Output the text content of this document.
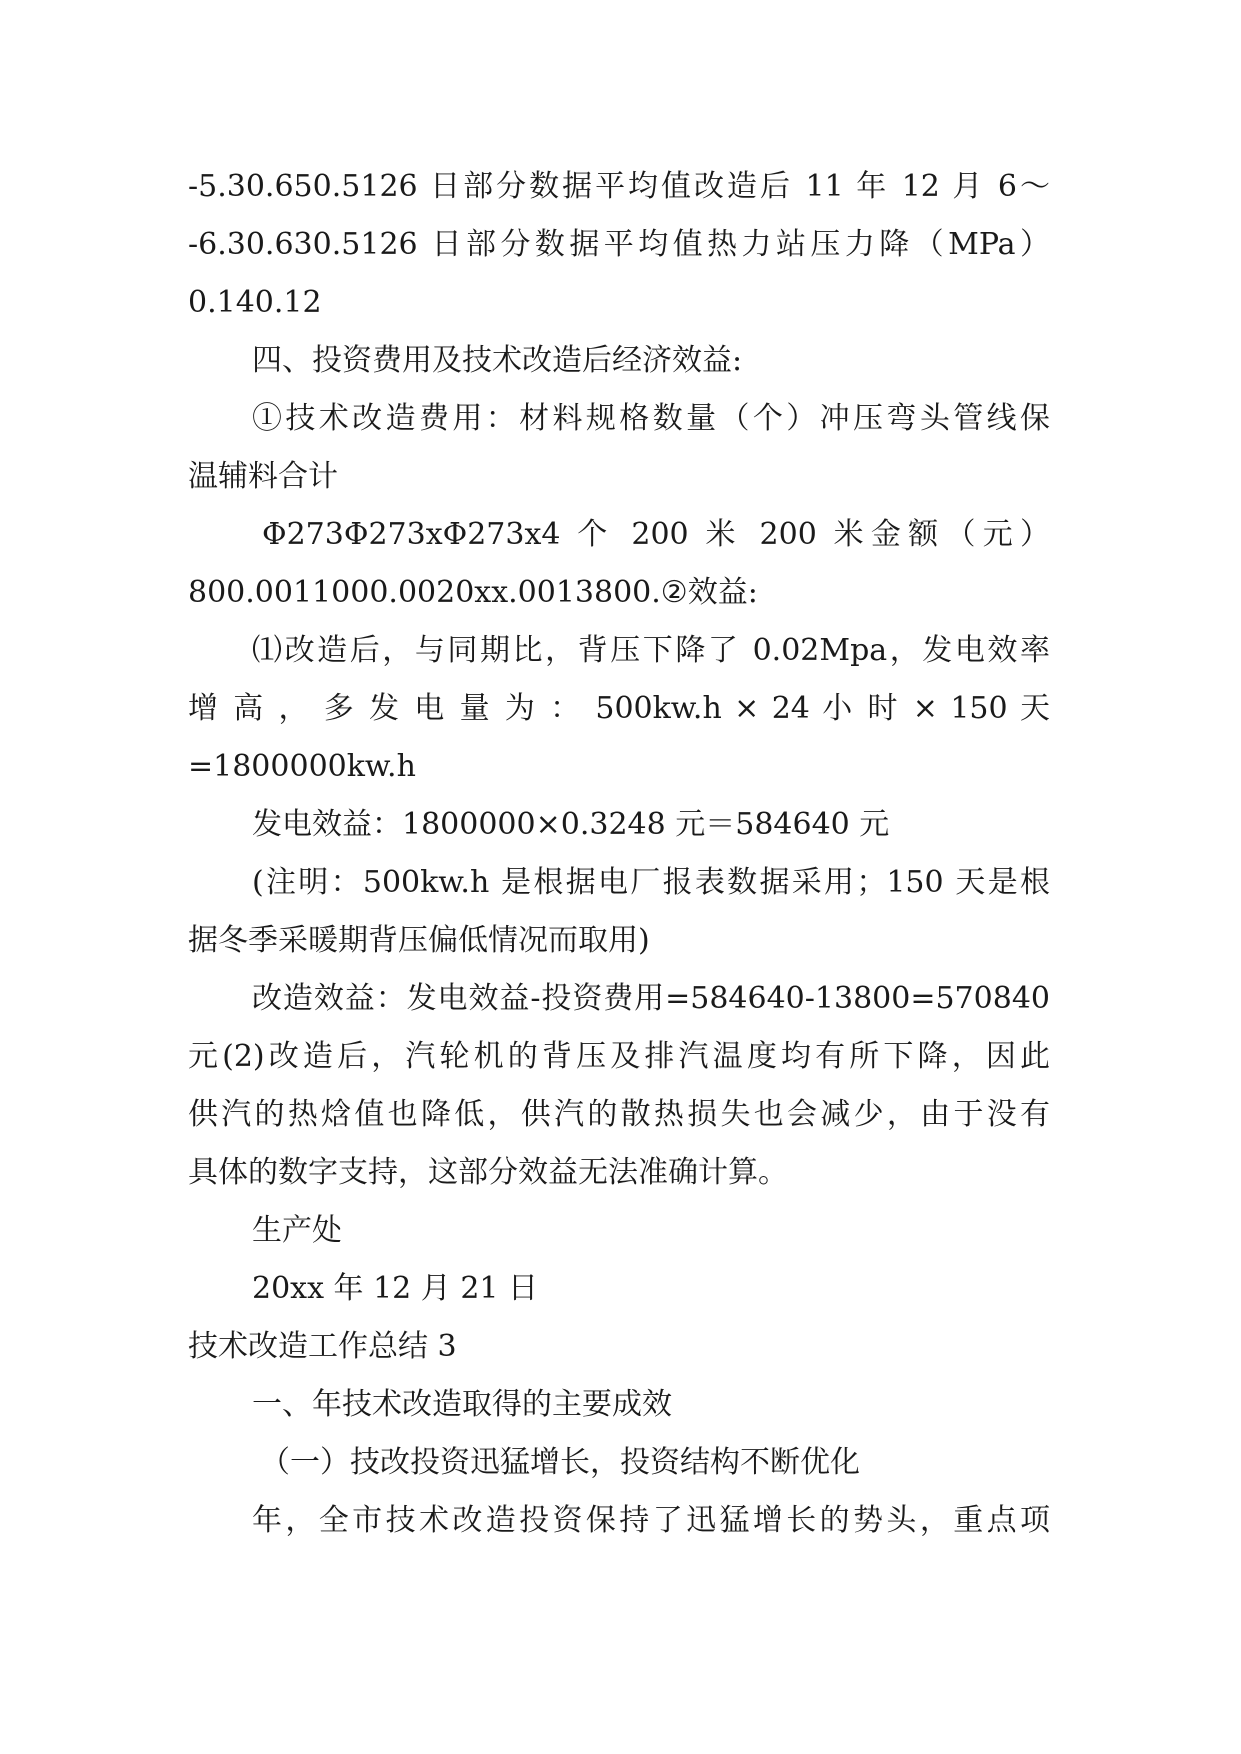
-5.30.650.5126 日部分数据平均值改造后 11 年 12 月 6～
-6.30.630.5126 日部分数据平均值热力站压力降（MPa）
0.140.12
四、投资费用及技术改造后经济效益:
①技术改造费用：材料规格数量（个）冲压弯头管线保
温辅料合计
Φ273Φ273xΦ273x4 个 200 米 200 米金额（元）
800.0011000.0020xx.0013800.②效益:
⑴改造后，与同期比，背压下降了 0.02Mpa，发电效率
增 高 ， 多 发 电 量 为 ： 500kw.h × 24 小 时 × 150 天
=1800000kw.h
发电效益：1800000×0.3248 元＝584640 元
(注明：500kw.h 是根据电厂报表数据采用；150 天是根
据冬季采暖期背压偏低情况而取用)
改造效益：发电效益-投资费用=584640-13800=570840
元(2)改造后，汽轮机的背压及排汽温度均有所下降，因此
供汽的热焓值也降低，供汽的散热损失也会减少，由于没有
具体的数字支持，这部分效益无法准确计算。
生产处
20xx 年 12 月 21 日
技术改造工作总结 3
一、年技术改造取得的主要成效
（一）技改投资迅猛增长，投资结构不断优化
年，全市技术改造投资保持了迅猛增长的势头，重点项
